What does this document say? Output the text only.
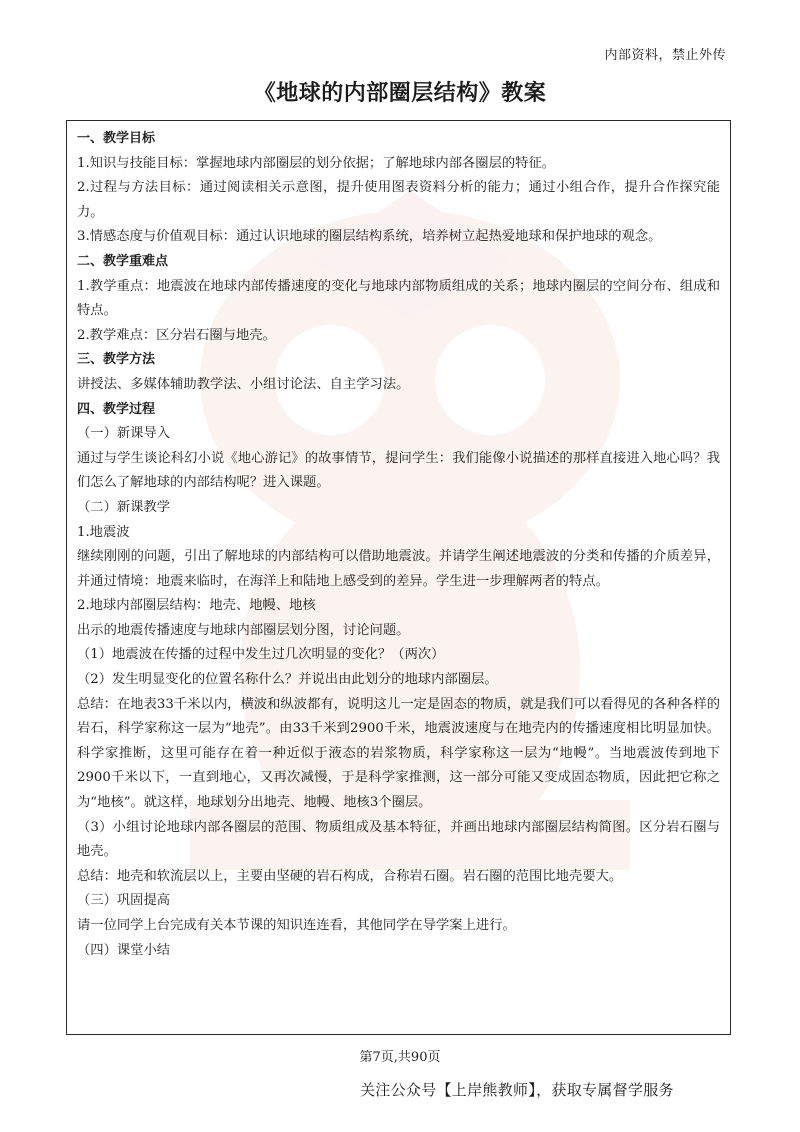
内部资料，禁止外传
《地球的内部圈层结构》教案

一、教学目标

1.知识与技能目标：掌握地球内部圈层的划分依据；了解地球内部各圈层的特征。

2.过程与方法目标：通过阅读相关示意图，提升使用图表资料分析的能力；通过小组合作，提升合作探究能力。

3.情感态度与价值观目标：通过认识地球的圈层结构系统，培养树立起热爱地球和保护地球的观念。

二、教学重难点

1.教学重点：地震波在地球内部传播速度的变化与地球内部物质组成的关系；地球内圈层的空间分布、组成和特点。

2.教学难点：区分岩石圈与地壳。

三、教学方法

讲授法、多媒体辅助教学法、小组讨论法、自主学习法。

四、教学过程

（一）新课导入

通过与学生谈论科幻小说《地心游记》的故事情节，提问学生：我们能像小说描述的那样直接进入地心吗？我们怎么了解地球的内部结构呢？进入课题。

（二）新课教学

1.地震波

继续刚刚的问题，引出了解地球的内部结构可以借助地震波。并请学生阐述地震波的分类和传播的介质差异，并通过情境：地震来临时，在海洋上和陆地上感受到的差异。学生进一步理解两者的特点。

2.地球内部圈层结构：地壳、地幔、地核

出示的地震传播速度与地球内部圈层划分图，讨论问题。

（1）地震波在传播的过程中发生过几次明显的变化？（两次）

（2）发生明显变化的位置名称什么？并说出由此划分的地球内部圈层。

总结：在地表33千米以内，横波和纵波都有，说明这儿一定是固态的物质，就是我们可以看得见的各种各样的岩石，科学家称这一层为“地壳”。由33千米到2900千米，地震波速度与在地壳内的传播速度相比明显加快。科学家推断，这里可能存在着一种近似于液态的岩浆物质，科学家称这一层为“地幔”。当地震波传到地下2900千米以下，一直到地心，又再次减慢，于是科学家推测，这一部分可能又变成固态物质，因此把它称之为“地核”。就这样，地球划分出地壳、地幔、地核3个圈层。

（3）小组讨论地球内部各圈层的范围、物质组成及基本特征，并画出地球内部圈层结构简图。区分岩石圈与地壳。

总结：地壳和软流层以上，主要由坚硬的岩石构成，合称岩石圈。岩石圈的范围比地壳要大。

（三）巩固提高

请一位同学上台完成有关本节课的知识连连看，其他同学在导学案上进行。

（四）课堂小结

第7页,共90页
关注公众号【上岸熊教师】，获取专属督学服务
